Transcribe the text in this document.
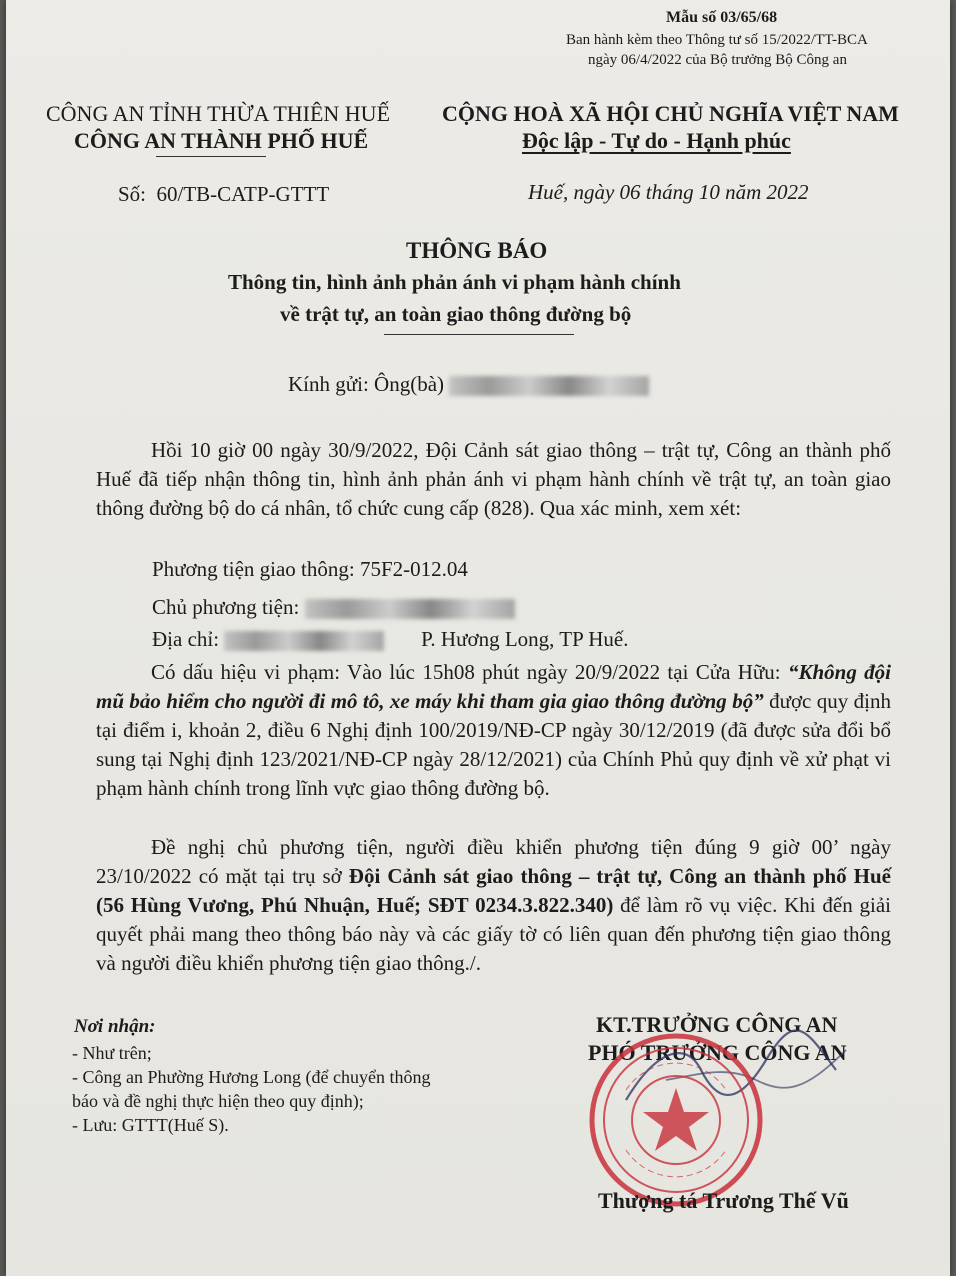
Mẫu số 03/65/68
Ban hành kèm theo Thông tư số 15/2022/TT-BCA
ngày 06/4/2022 của Bộ trưởng Bộ Công an
CÔNG AN TỈNH THỪA THIÊN HUẾ
CÔNG AN THÀNH PHỐ HUẾ
Số: 60/TB-CATP-GTTT
CỘNG HOÀ XÃ HỘI CHỦ NGHĨA VIỆT NAM
Độc lập - Tự do - Hạnh phúc
Huế, ngày 06 tháng 10 năm 2022
THÔNG BÁO
Thông tin, hình ảnh phản ánh vi phạm hành chính
về trật tự, an toàn giao thông đường bộ
Kính gửi: Ông(bà)
Hồi 10 giờ 00 ngày 30/9/2022, Đội Cảnh sát giao thông – trật tự, Công an thành phố Huế đã tiếp nhận thông tin, hình ảnh phản ánh vi phạm hành chính về trật tự, an toàn giao thông đường bộ do cá nhân, tổ chức cung cấp (828). Qua xác minh, xem xét:
Phương tiện giao thông: 75F2-012.04
Chủ phương tiện:
Địa chỉ:	P. Hương Long, TP Huế.
Có dấu hiệu vi phạm: Vào lúc 15h08 phút ngày 20/9/2022 tại Cửa Hữu: “Không đội mũ bảo hiểm cho người đi mô tô, xe máy khi tham gia giao thông đường bộ” được quy định tại điểm i, khoản 2, điều 6 Nghị định 100/2019/NĐ-CP ngày 30/12/2019 (đã được sửa đổi bổ sung tại Nghị định 123/2021/NĐ-CP ngày 28/12/2021) của Chính Phủ quy định về xử phạt vi phạm hành chính trong lĩnh vực giao thông đường bộ.
Đề nghị chủ phương tiện, người điều khiển phương tiện đúng 9 giờ 00’ ngày 23/10/2022 có mặt tại trụ sở Đội Cảnh sát giao thông – trật tự, Công an thành phố Huế (56 Hùng Vương, Phú Nhuận, Huế; SĐT 0234.3.822.340) để làm rõ vụ việc. Khi đến giải quyết phải mang theo thông báo này và các giấy tờ có liên quan đến phương tiện giao thông và người điều khiển phương tiện giao thông./.
Nơi nhận:
- Như trên;
- Công an Phường Hương Long (để chuyển thông
báo và đề nghị thực hiện theo quy định);
- Lưu: GTTT(Huế S).
KT.TRƯỞNG CÔNG AN
PHÓ TRƯỞNG CÔNG AN
Thượng tá Trương Thế Vũ
